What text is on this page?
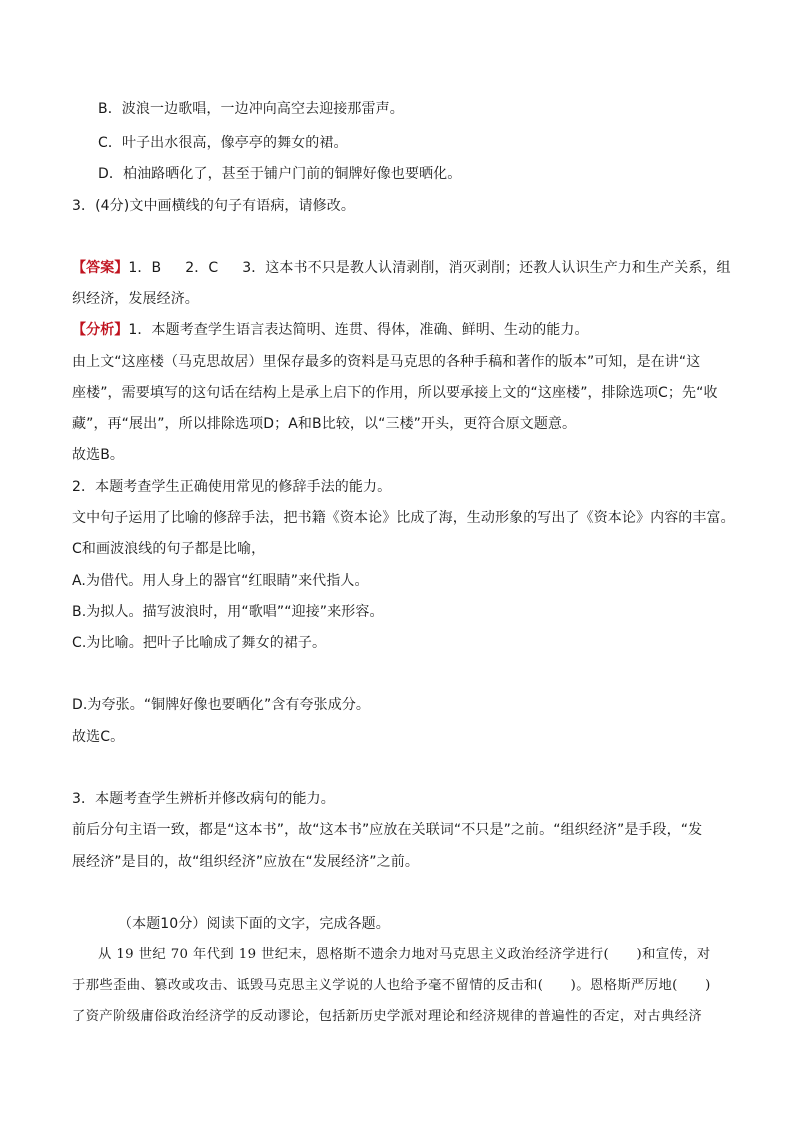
B．波浪一边歌唱，一边冲向高空去迎接那雷声。
C．叶子出水很高，像亭亭的舞女的裙。
D．柏油路晒化了，甚至于铺户门前的铜牌好像也要晒化。
3．(4分)文中画横线的句子有语病，请修改。
【答案】1．B 2．C 3．这本书不只是教人认清剥削，消灭剥削；还教人认识生产力和生产关系，组
织经济，发展经济。
【分析】1．本题考查学生语言表达简明、连贯、得体，准确、鲜明、生动的能力。
由上文“这座楼（马克思故居）里保存最多的资料是马克思的各种手稿和著作的版本”可知，是在讲“这
座楼”，需要填写的这句话在结构上是承上启下的作用，所以要承接上文的“这座楼”，排除选项C；先“收
藏”，再“展出”，所以排除选项D；A和B比较，以“三楼”开头，更符合原文题意。
故选B。
2．本题考查学生正确使用常见的修辞手法的能力。
文中句子运用了比喻的修辞手法，把书籍《资本论》比成了海，生动形象的写出了《资本论》内容的丰富。
C和画波浪线的句子都是比喻，
A.为借代。用人身上的器官“红眼睛”来代指人。
B.为拟人。描写波浪时，用“歌唱”“迎接”来形容。
C.为比喻。把叶子比喻成了舞女的裙子。
D.为夸张。“铜牌好像也要晒化”含有夸张成分。
故选C。
3．本题考查学生辨析并修改病句的能力。
前后分句主语一致，都是“这本书”，故“这本书”应放在关联词“不只是”之前。“组织经济”是手段，“发
展经济”是目的，故“组织经济”应放在“发展经济”之前。
（本题10分）阅读下面的文字，完成各题。
从 19 世纪 70 年代到 19 世纪末，恩格斯不遗余力地对马克思主义政治经济学进行(　　)和宣传，对
于那些歪曲、篡改或攻击、诋毁马克思主义学说的人也给予毫不留情的反击和(　　)。恩格斯严厉地(　　)
了资产阶级庸俗政治经济学的反动谬论，包括新历史学派对理论和经济规律的普遍性的否定，对古典经济
